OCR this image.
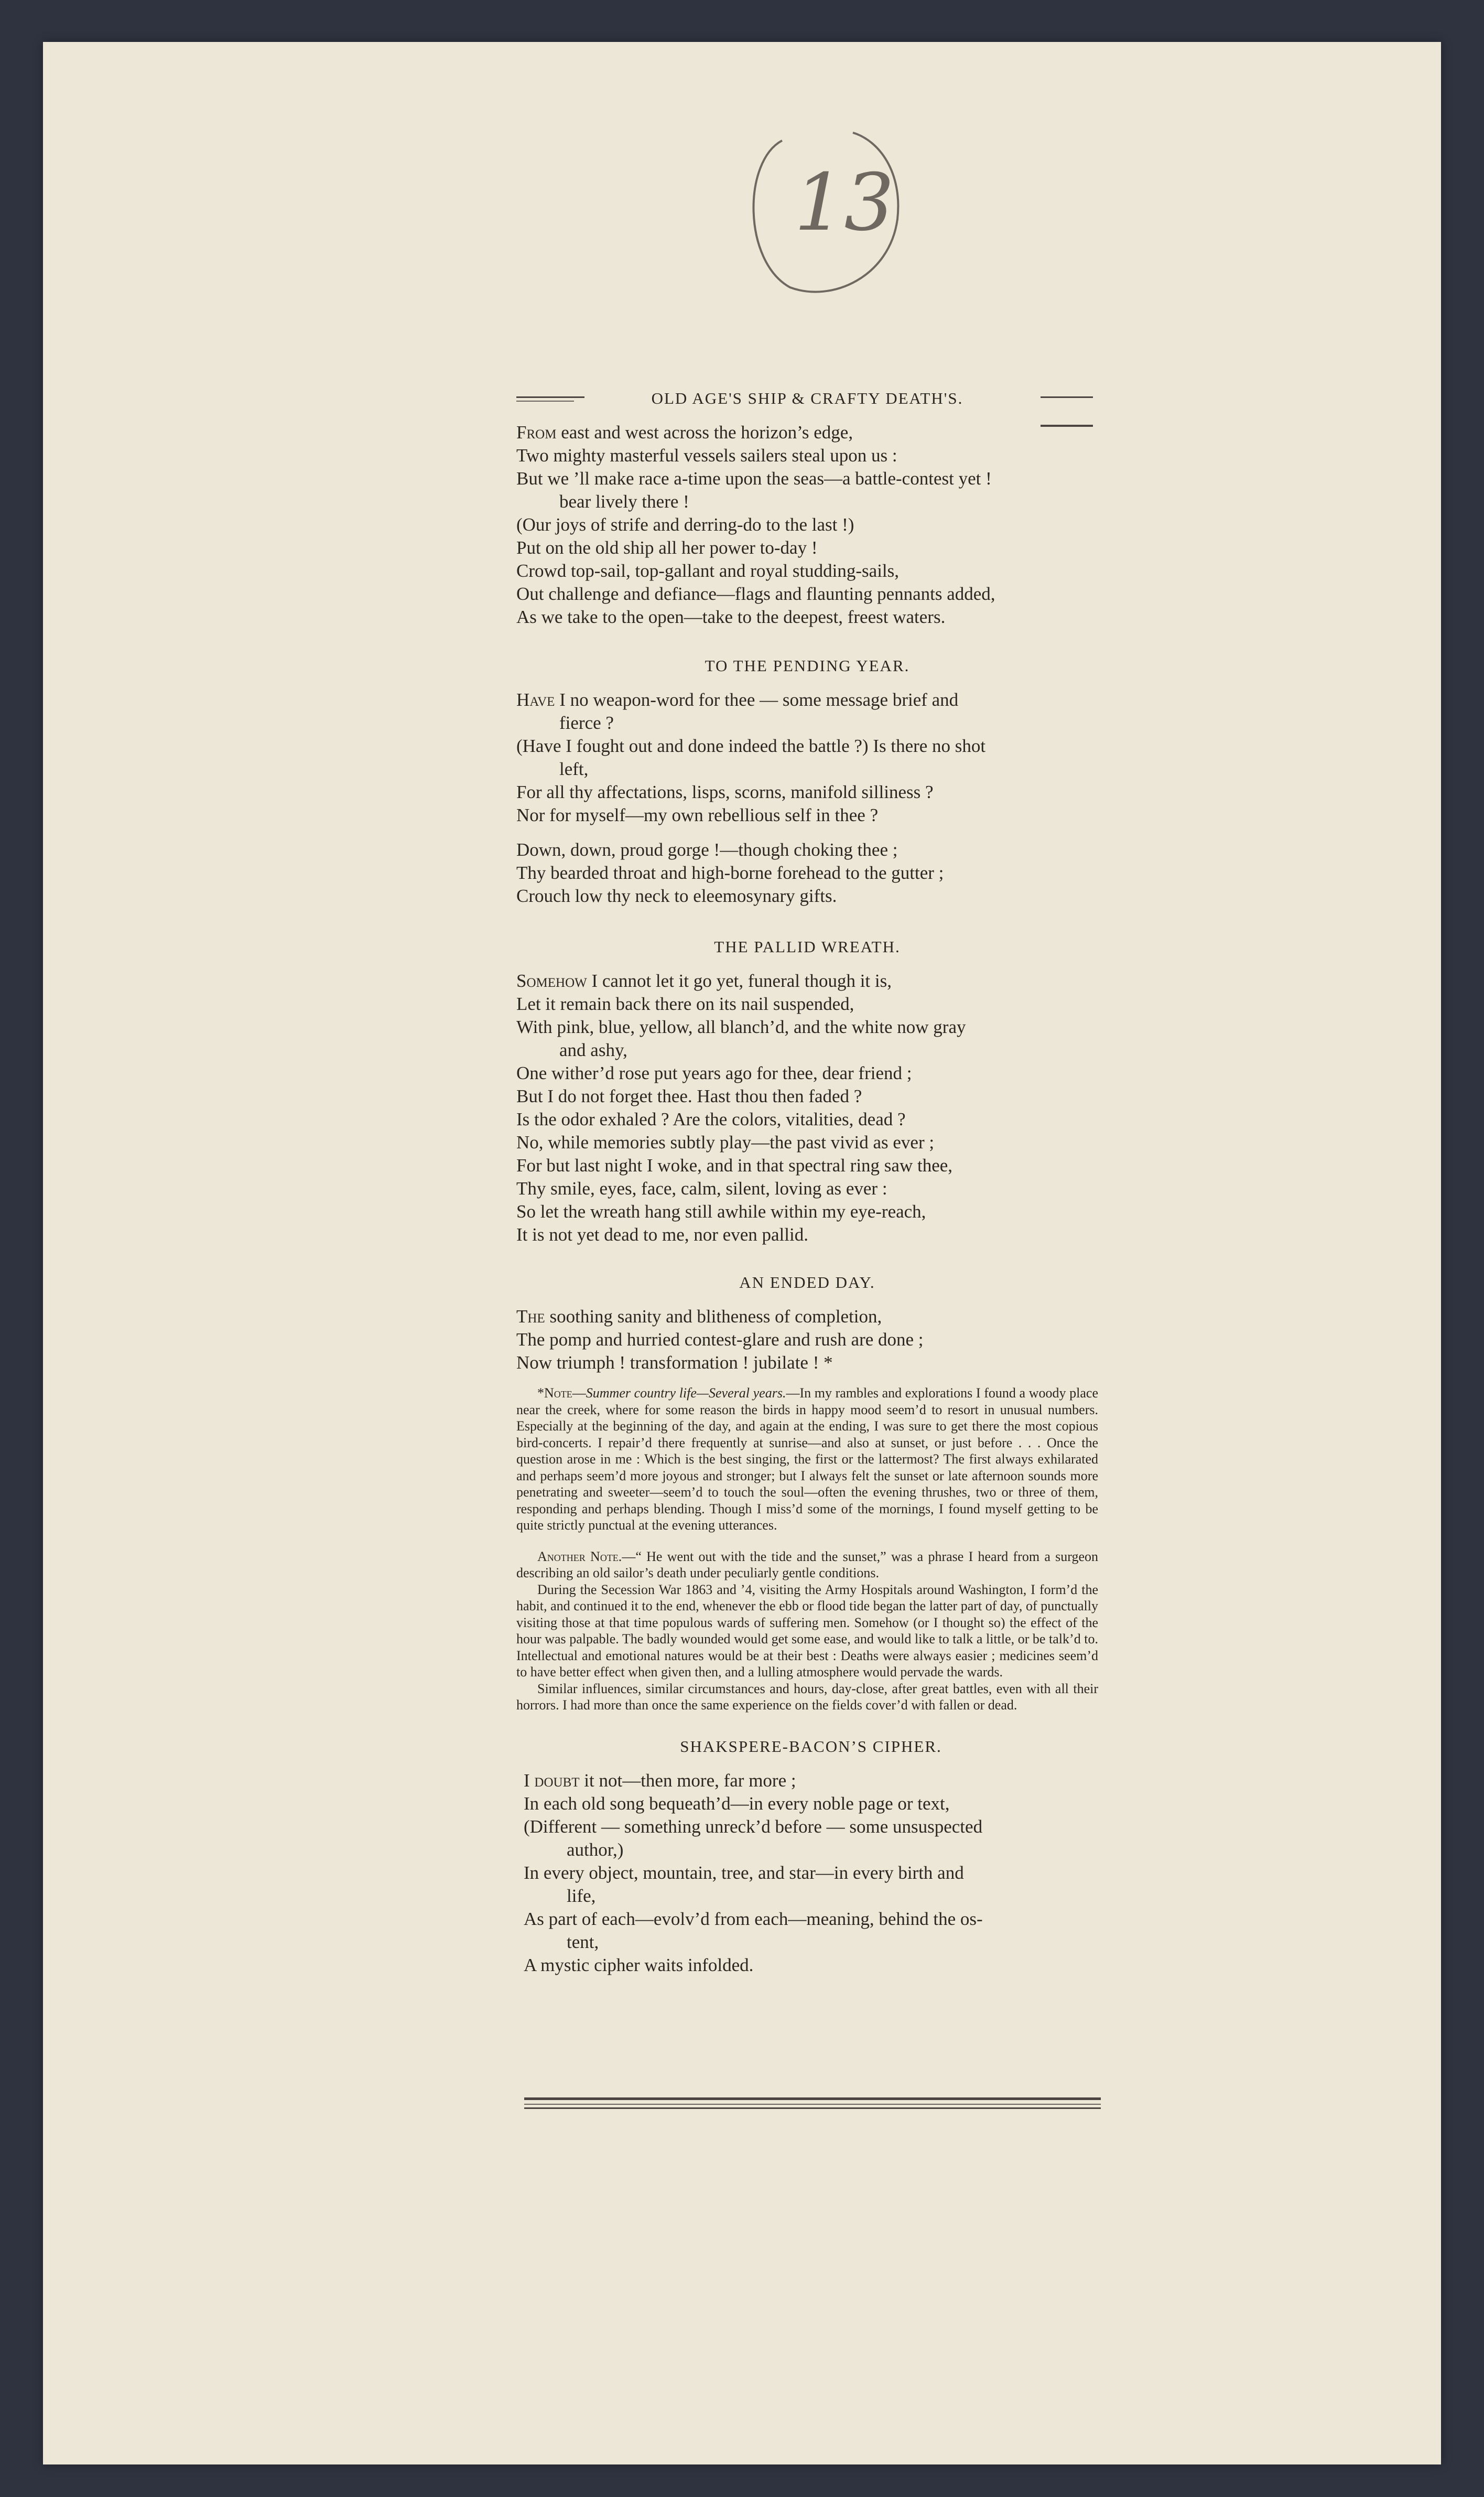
13
OLD AGE'S SHIP & CRAFTY DEATH'S.
From east and west across the horizon’s edge,
Two mighty masterful vessels sailers steal upon us :
But we ’ll make race a-time upon the seas—a battle-contest yet !
bear lively there !
(Our joys of strife and derring-do to the last !)
Put on the old ship all her power to-day !
Crowd top-sail, top-gallant and royal studding-sails,
Out challenge and defiance—flags and flaunting pennants added,
As we take to the open—take to the deepest, freest waters.
TO THE PENDING YEAR.
Have I no weapon-word for thee — some message brief and
fierce ?
(Have I fought out and done indeed the battle ?) Is there no shot
left,
For all thy affectations, lisps, scorns, manifold silliness ?
Nor for myself—my own rebellious self in thee ?
Down, down, proud gorge !—though choking thee ;
Thy bearded throat and high-borne forehead to the gutter ;
Crouch low thy neck to eleemosynary gifts.
THE PALLID WREATH.
Somehow I cannot let it go yet, funeral though it is,
Let it remain back there on its nail suspended,
With pink, blue, yellow, all blanch’d, and the white now gray
and ashy,
One wither’d rose put years ago for thee, dear friend ;
But I do not forget thee. Hast thou then faded ?
Is the odor exhaled ? Are the colors, vitalities, dead ?
No, while memories subtly play—the past vivid as ever ;
For but last night I woke, and in that spectral ring saw thee,
Thy smile, eyes, face, calm, silent, loving as ever :
So let the wreath hang still awhile within my eye-reach,
It is not yet dead to me, nor even pallid.
AN ENDED DAY.
The soothing sanity and blitheness of completion,
The pomp and hurried contest-glare and rush are done ;
Now triumph ! transformation ! jubilate ! *

*Note—Summer country life—Several years.—In my rambles and explorations I found a woody place near the creek, where for some reason the birds in happy mood seem’d to resort in unusual numbers. Especially at the beginning of the day, and again at the ending, I was sure to get there the most copious bird-concerts. I repair’d there frequently at sunrise—and also at sunset, or just before . . . Once the question arose in me : Which is the best singing, the first or the lattermost? The first always exhilarated and perhaps seem’d more joyous and stronger; but I always felt the sunset or late afternoon sounds more penetrating and sweeter—seem’d to touch the soul—often the evening thrushes, two or three of them, responding and perhaps blending. Though I miss’d some of the mornings, I found myself getting to be quite strictly punctual at the evening utterances.

Another Note.—“ He went out with the tide and the sunset,” was a phrase I heard from a surgeon describing an old sailor’s death under peculiarly gentle conditions.

During the Secession War 1863 and ’4, visiting the Army Hospitals around Washington, I form’d the habit, and continued it to the end, whenever the ebb or flood tide began the latter part of day, of punctually visiting those at that time populous wards of suffering men. Somehow (or I thought so) the effect of the hour was palpable. The badly wounded would get some ease, and would like to talk a little, or be talk’d to. Intellectual and emotional natures would be at their best : Deaths were always easier ; medicines seem’d to have better effect when given then, and a lulling atmosphere would pervade the wards.

Similar influences, similar circumstances and hours, day-close, after great battles, even with all their horrors. I had more than once the same experience on the fields cover’d with fallen or dead.

SHAKSPERE-BACON’S CIPHER.
I doubt it not—then more, far more ;
In each old song bequeath’d—in every noble page or text,
(Different — something unreck’d before — some unsuspected
author,)
In every object, mountain, tree, and star—in every birth and
life,
As part of each—evolv’d from each—meaning, behind the os-
tent,
A mystic cipher waits infolded.
